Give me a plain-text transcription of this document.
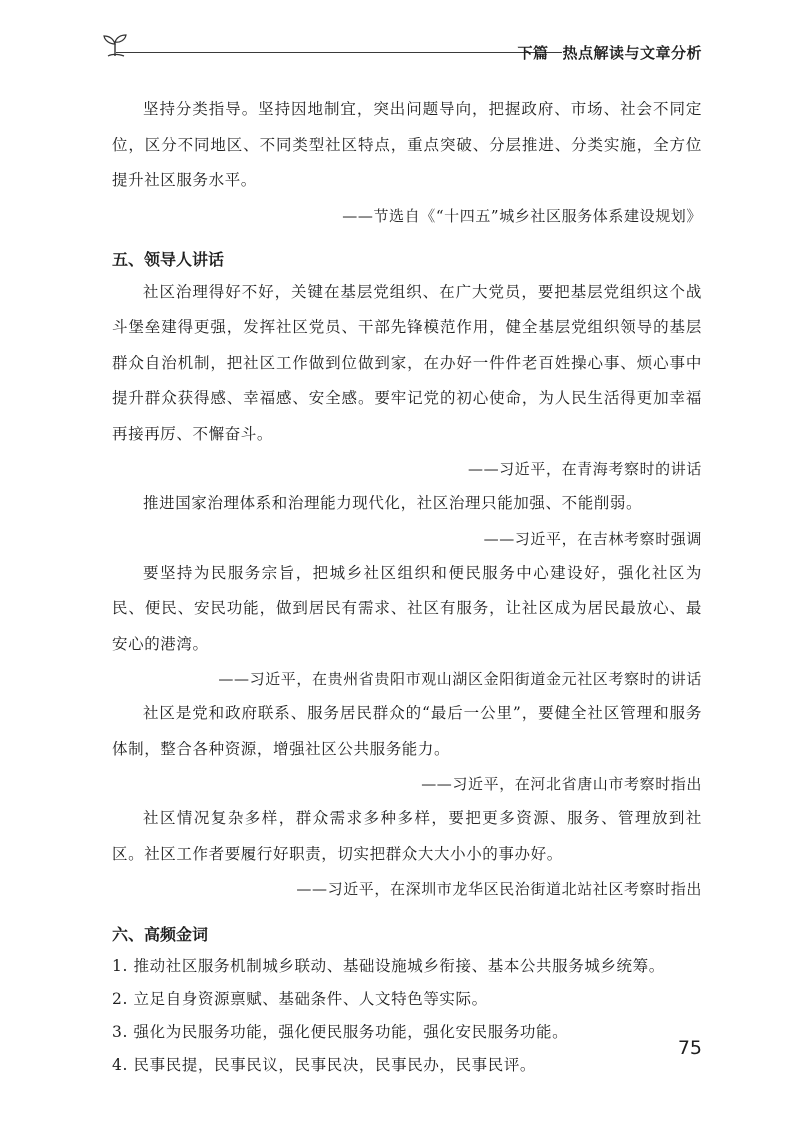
下篇 热点解读与文章分析

坚持分类指导。坚持因地制宜，突出问题导向，把握政府、市场、社会不同定位，区分不同地区、不同类型社区特点，重点突破、分层推进、分类实施，全方位提升社区服务水平。

——节选自《“十四五”城乡社区服务体系建设规划》

五、领导人讲话

社区治理得好不好，关键在基层党组织、在广大党员，要把基层党组织这个战斗堡垒建得更强，发挥社区党员、干部先锋模范作用，健全基层党组织领导的基层群众自治机制，把社区工作做到位做到家，在办好一件件老百姓操心事、烦心事中提升群众获得感、幸福感、安全感。要牢记党的初心使命，为人民生活得更加幸福再接再厉、不懈奋斗。

——习近平，在青海考察时的讲话

推进国家治理体系和治理能力现代化，社区治理只能加强、不能削弱。

——习近平，在吉林考察时强调

要坚持为民服务宗旨，把城乡社区组织和便民服务中心建设好，强化社区为民、便民、安民功能，做到居民有需求、社区有服务，让社区成为居民最放心、最安心的港湾。

——习近平，在贵州省贵阳市观山湖区金阳街道金元社区考察时的讲话

社区是党和政府联系、服务居民群众的“最后一公里”，要健全社区管理和服务体制，整合各种资源，增强社区公共服务能力。

——习近平，在河北省唐山市考察时指出

社区情况复杂多样，群众需求多种多样，要把更多资源、服务、管理放到社区。社区工作者要履行好职责，切实把群众大大小小的事办好。

——习近平，在深圳市龙华区民治街道北站社区考察时指出

六、高频金词

1. 推动社区服务机制城乡联动、基础设施城乡衔接、基本公共服务城乡统筹。

2. 立足自身资源禀赋、基础条件、人文特色等实际。

3. 强化为民服务功能，强化便民服务功能，强化安民服务功能。

4. 民事民提，民事民议，民事民决，民事民办，民事民评。

75
